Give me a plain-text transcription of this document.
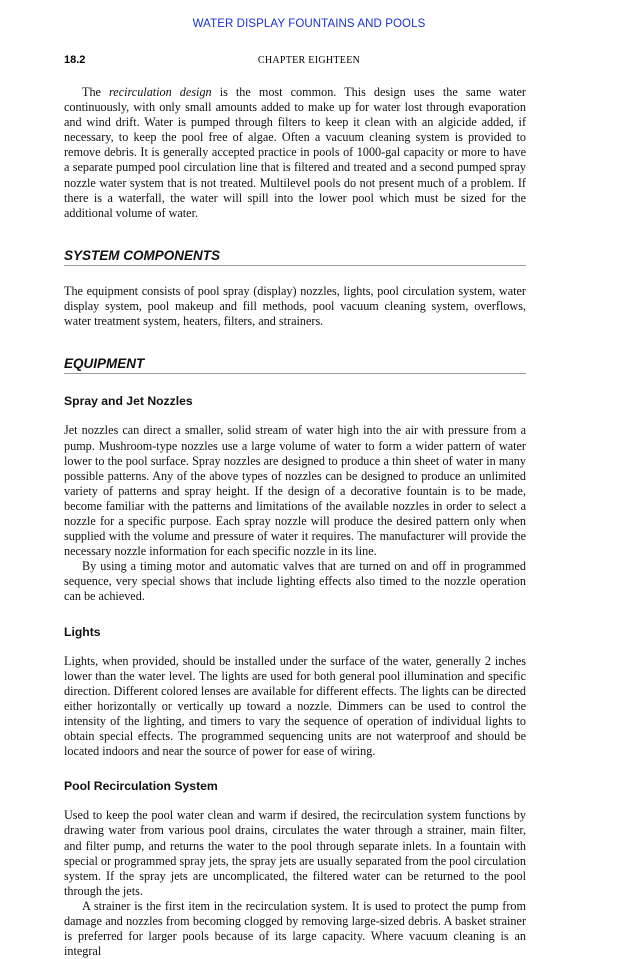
WATER DISPLAY FOUNTAINS AND POOLS
18.2	CHAPTER EIGHTEEN

The recirculation design is the most common. This design uses the same water continuously, with only small amounts added to make up for water lost through evaporation and wind drift. Water is pumped through filters to keep it clean with an algicide added, if necessary, to keep the pool free of algae. Often a vacuum cleaning system is provided to remove debris. It is generally accepted practice in pools of 1000-gal capacity or more to have a separate pumped pool circulation line that is filtered and treated and a second pumped spray nozzle water system that is not treated. Multilevel pools do not present much of a problem. If there is a waterfall, the water will spill into the lower pool which must be sized for the additional volume of water.

SYSTEM COMPONENTS

The equipment consists of pool spray (display) nozzles, lights, pool circulation system, water display system, pool makeup and fill methods, pool vacuum cleaning system, overflows, water treatment system, heaters, filters, and strainers.

EQUIPMENT
Spray and Jet Nozzles

Jet nozzles can direct a smaller, solid stream of water high into the air with pressure from a pump. Mushroom-type nozzles use a large volume of water to form a wider pattern of water lower to the pool surface. Spray nozzles are designed to produce a thin sheet of water in many possible patterns. Any of the above types of nozzles can be designed to produce an unlimited variety of patterns and spray height. If the design of a decorative fountain is to be made, become familiar with the patterns and limitations of the available nozzles in order to select a nozzle for a specific purpose. Each spray nozzle will produce the desired pattern only when supplied with the volume and pressure of water it requires. The manufacturer will provide the necessary nozzle information for each specific nozzle in its line.

By using a timing motor and automatic valves that are turned on and off in programmed sequence, very special shows that include lighting effects also timed to the nozzle operation can be achieved.

Lights

Lights, when provided, should be installed under the surface of the water, generally 2 inches lower than the water level. The lights are used for both general pool illumination and specific direction. Different colored lenses are available for different effects. The lights can be directed either horizontally or vertically up toward a nozzle. Dimmers can be used to control the intensity of the lighting, and timers to vary the sequence of operation of individual lights to obtain special effects. The programmed sequencing units are not waterproof and should be located indoors and near the source of power for ease of wiring.

Pool Recirculation System

Used to keep the pool water clean and warm if desired, the recirculation system functions by drawing water from various pool drains, circulates the water through a strainer, main filter, and filter pump, and returns the water to the pool through separate inlets. In a fountain with special or programmed spray jets, the spray jets are usually separated from the pool circulation system. If the spray jets are uncomplicated, the filtered water can be returned to the pool through the jets.

A strainer is the first item in the recirculation system. It is used to protect the pump from damage and nozzles from becoming clogged by removing large-sized debris. A basket strainer is preferred for larger pools because of its large capacity. Where vacuum cleaning is an integral
